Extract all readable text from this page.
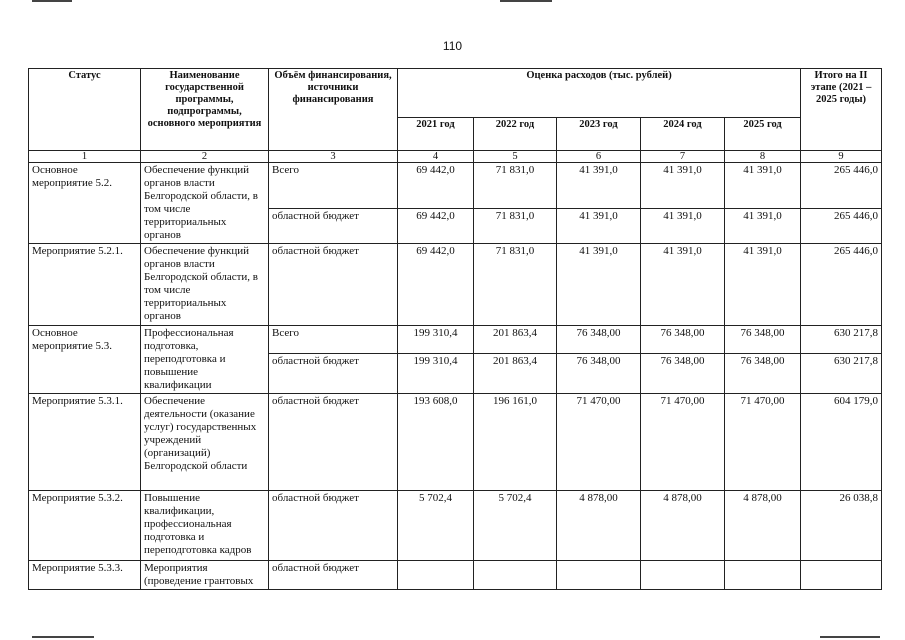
110
Статус	Наименование государственной программы, подпрограммы, основного мероприятия	Объём финансирования, источники финансирования	Оценка расходов (тыс. рублей)					Итого на II этапе (2021 – 2025 годы)
			2021 год	2022 год	2023 год	2024 год	2025 год	
1	2	3	4	5	6	7	8	9
Основное мероприятие 5.2.	Обеспечение функций органов власти Белгородской области, в том числе территориальных органов	Всего	69 442,0	71 831,0	41 391,0	41 391,0	41 391,0	265 446,0
		областной бюджет	69 442,0	71 831,0	41 391,0	41 391,0	41 391,0	265 446,0
Мероприятие 5.2.1.	Обеспечение функций органов власти Белгородской области, в том числе территориальных органов	областной бюджет	69 442,0	71 831,0	41 391,0	41 391,0	41 391,0	265 446,0
Основное мероприятие 5.3.	Профессиональная подготовка, переподготовка и повышение квалификации	Всего	199 310,4	201 863,4	76 348,00	76 348,00	76 348,00	630 217,8
		областной бюджет	199 310,4	201 863,4	76 348,00	76 348,00	76 348,00	630 217,8
Мероприятие 5.3.1.	Обеспечение деятельности (оказание услуг) государственных учреждений (организаций) Белгородской области	областной бюджет	193 608,0	196 161,0	71 470,00	71 470,00	71 470,00	604 179,0
Мероприятие 5.3.2.	Повышение квалификации, профессиональная подготовка и переподготовка кадров	областной бюджет	5 702,4	5 702,4	4 878,00	4 878,00	4 878,00	26 038,8
Мероприятие 5.3.3.	Мероприятия (проведение грантовых	областной бюджет						
